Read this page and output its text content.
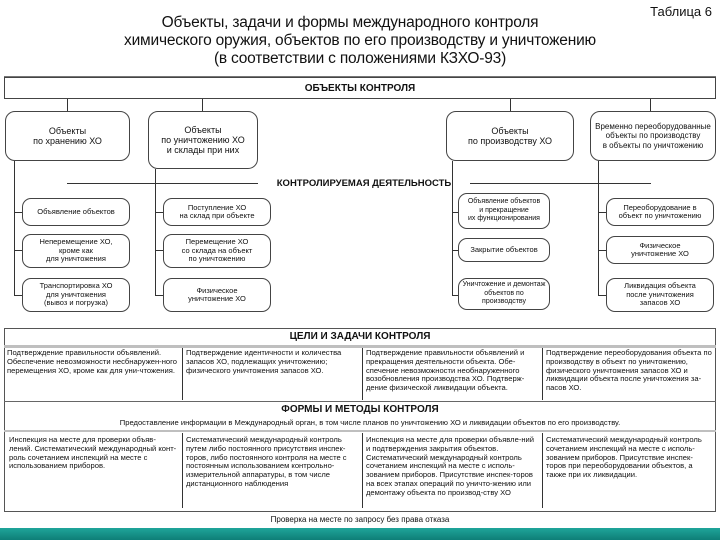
Объекты, задачи и формы международного контроля
химического оружия, объектов по его производству и уничтожению
(в соответствии с положениями КЗХО-93)
Таблица 6
ОБЪЕКТЫ КОНТРОЛЯ
Объекты
по хранению ХО
Объекты
по уничтожению ХО
и склады при них
Объекты
по производству ХО
Временно переоборудованные
объекты по производству
в объекты по уничтожению
КОНТРОЛИРУЕМАЯ ДЕЯТЕЛЬНОСТЬ
Объявление объектов
Неперемещение ХО,
кроме как
для уничтожения
Транспортировка ХО
для уничтожения
(вывоз и погрузка)
Поступление ХО
на склад при объекте
Перемещение ХО
со склада на объект
по уничтожению
Физическое
уничтожение ХО
Объявление объектов
и прекращение
их функционирования
Закрытие объектов
Уничтожение и демонтаж
объектов по производству
Переоборудование в
объект по уничтожению
Физическое
уничтожение ХО
Ликвидация объекта
после уничтожения
запасов ХО
ЦЕЛИ И ЗАДАЧИ КОНТРОЛЯ
Подтверждение правильности объявлений. Обеспечение невозможности несбнаружен-ного перемещения ХО, кроме как для уни-чтожения.
Подтверждение идентичности и количества запасов ХО, подлежащих уничтожению; физического уничтожения запасов ХО.
Подтверждение правильности объявлений и прекращения деятельности объекта. Обе-спечение невозможности необнаруженного возобновления производства ХО. Подтверж-дение физической ликвидации объекта.
Подтверждение переоборудования объекта по производству в объект по уничтожению, физического уничтожения запасов ХО и ликвидации объекта после уничтожения за-пасов ХО.
ФОРМЫ И МЕТОДЫ КОНТРОЛЯ
Предоставление информации в Международный орган, в том числе планов по уничтожению ХО и ликвидации объектов по его производству.
Инспекция на месте для проверки объяв-лений. Систематический международный конт-роль сочетанием инспекций на месте с использованием приборов.
Систематический международный контроль путем либо постоянного присутствия инспек-торов, либо постоянного контроля на месте с постоянным использованием контрольно-измерительной аппаратуры, в том числе дистанционного наблюдения
Инспекция на месте для проверки объявле-ний и подтверждения закрытия объектов. Систематический международный контроль сочетанием инспекций на месте с исполь-зованием приборов. Присутствие инспек-торов на всех этапах операций по уничто-жению или демонтажу объекта по производ-ству ХО
Систематический международный контроль сочетанием инспекций на месте с исполь-зованием приборов. Присутствие инспек-торов при переоборудовании объектов, а также при их ликвидации.
Проверка на месте по запросу без права отказа
